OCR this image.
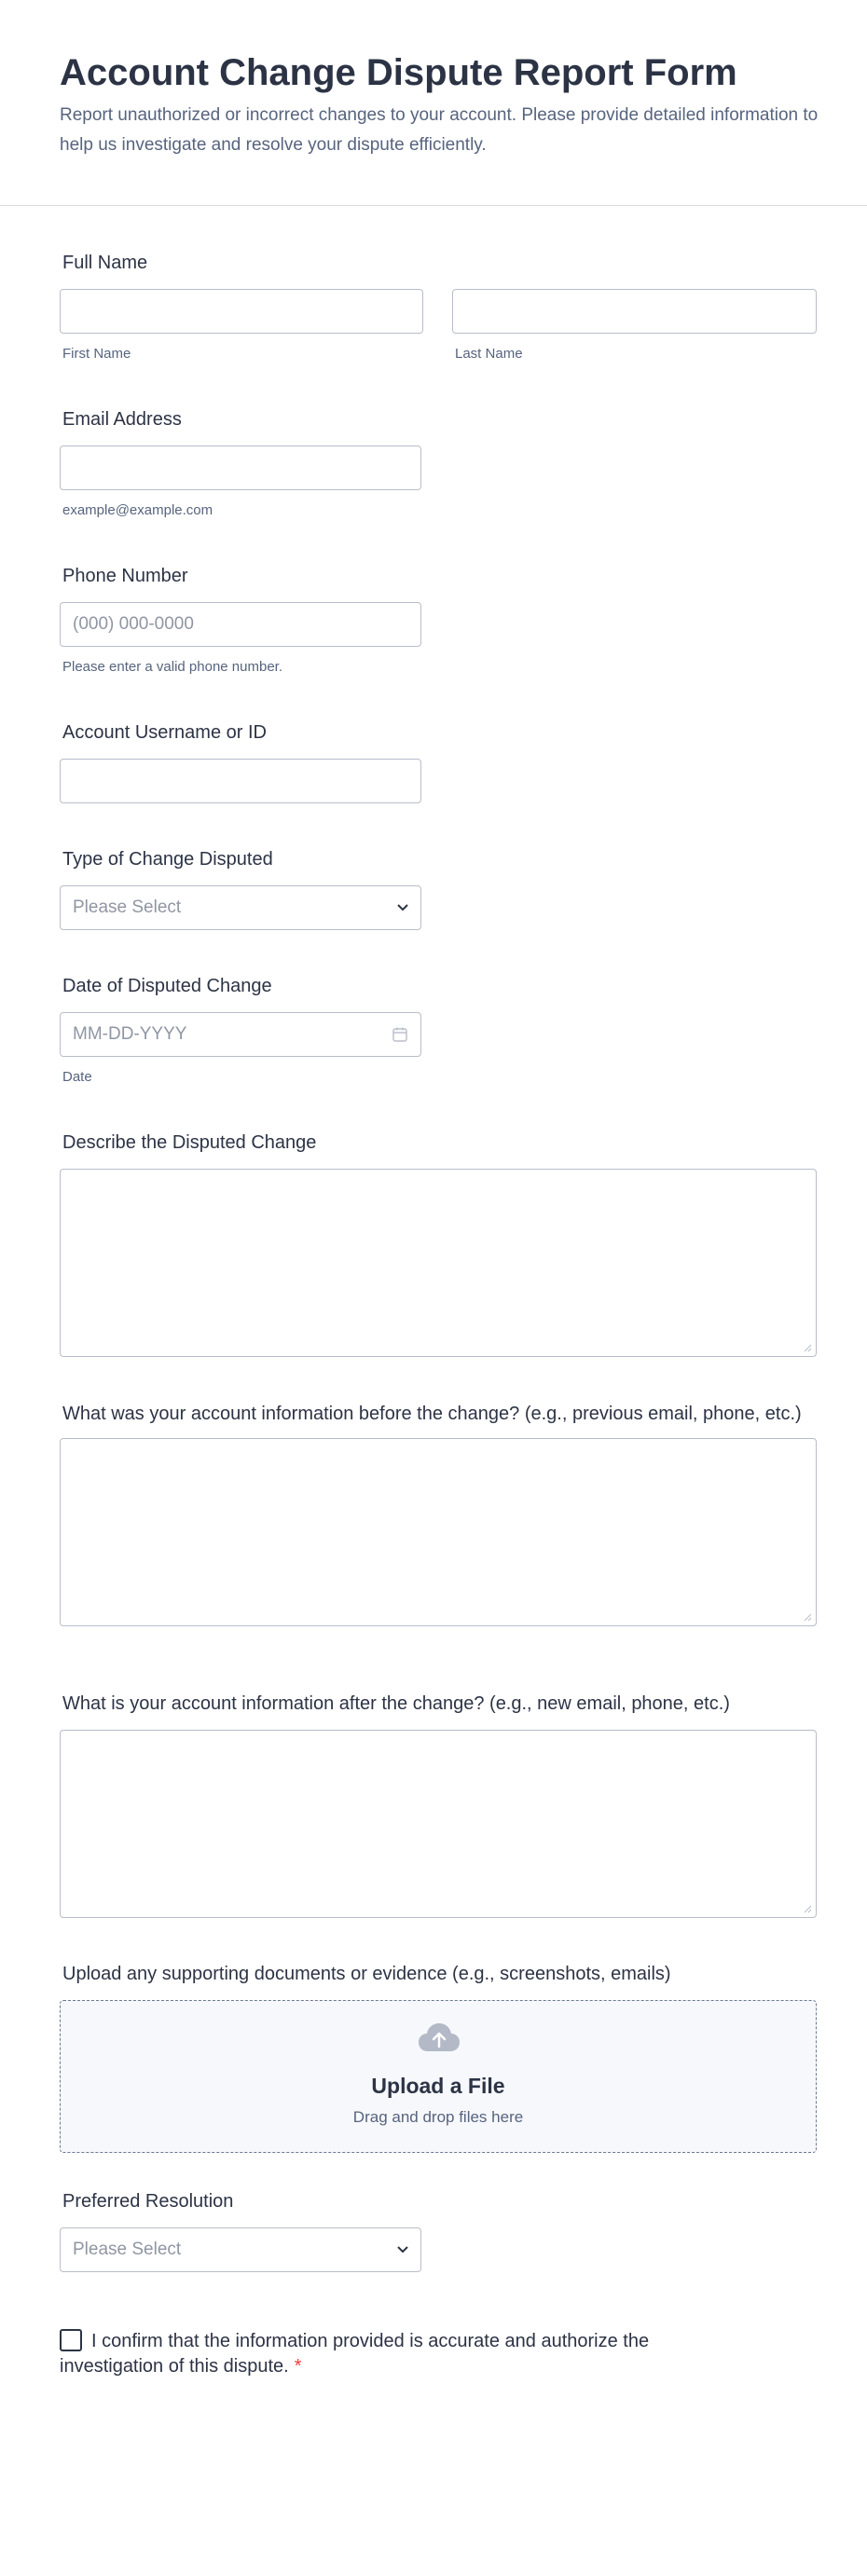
Account Change Dispute Report Form
Report unauthorized or incorrect changes to your account. Please provide detailed information to help us investigate and resolve your dispute efficiently.
Full Name
First Name	Last Name
Email Address
example@example.com
Phone Number
(000) 000-0000
Please enter a valid phone number.
Account Username or ID
Type of Change Disputed
Please Select
Date of Disputed Change
MM-DD-YYYY
Date
Describe the Disputed Change
What was your account information before the change? (e.g., previous email, phone, etc.)
What is your account information after the change? (e.g., new email, phone, etc.)
Upload any supporting documents or evidence (e.g., screenshots, emails)
Upload a File
Drag and drop files here
Preferred Resolution
Please Select
I confirm that the information provided is accurate and authorize the investigation of this dispute. *
